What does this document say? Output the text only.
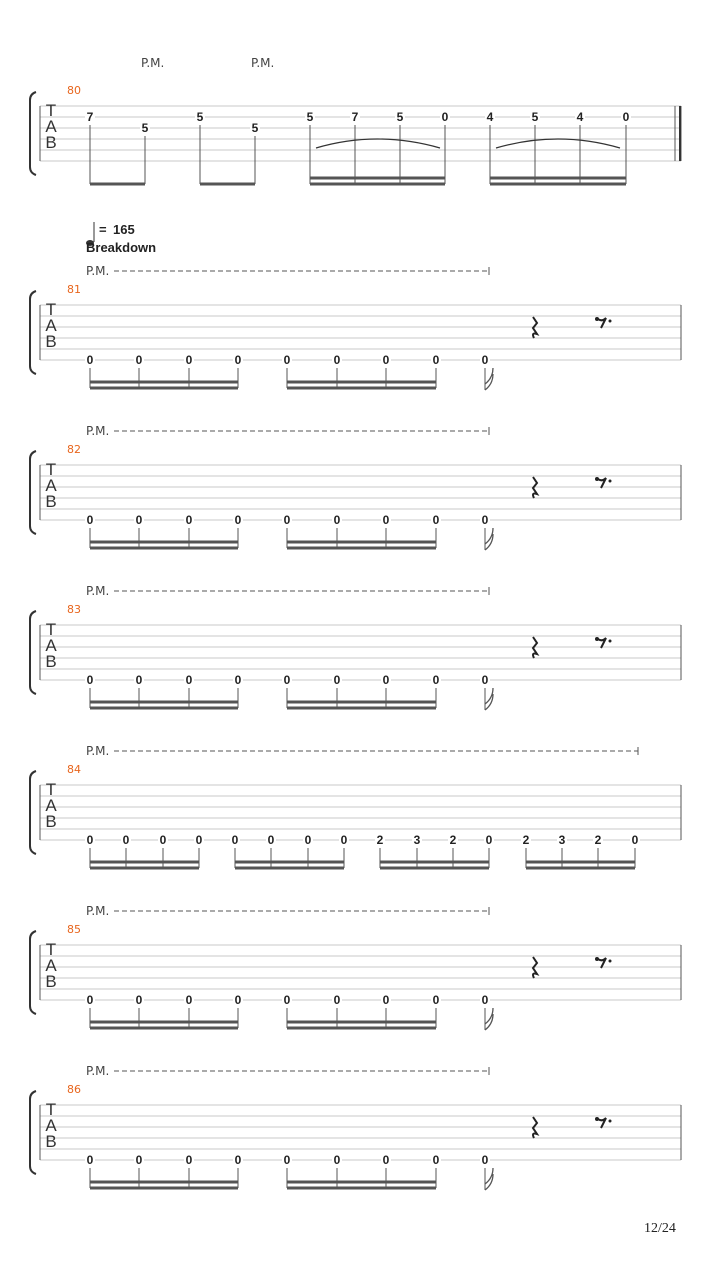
T
A
B
80
P.M.	P.M.
7
5
5
5
5	7	5	0	4	5	4	0
= 165
Breakdown
T
A
B
81
P.M.
0	0	0	0	0	0	0	0	0
T
A
B
82
P.M.
0	0	0	0	0	0	0	0	0
T
A
B
83
P.M.
0	0	0	0	0	0	0	0	0
T
A
B
84
P.M.
0 0	0 0 0 0	0 0 2	3 2 0	2 3 2	0
T
A
B
85
P.M.
0	0	0	0	0	0	0	0	0
T
A
B
86
P.M.
0	0	0	0	0	0	0	0	0
12/24
